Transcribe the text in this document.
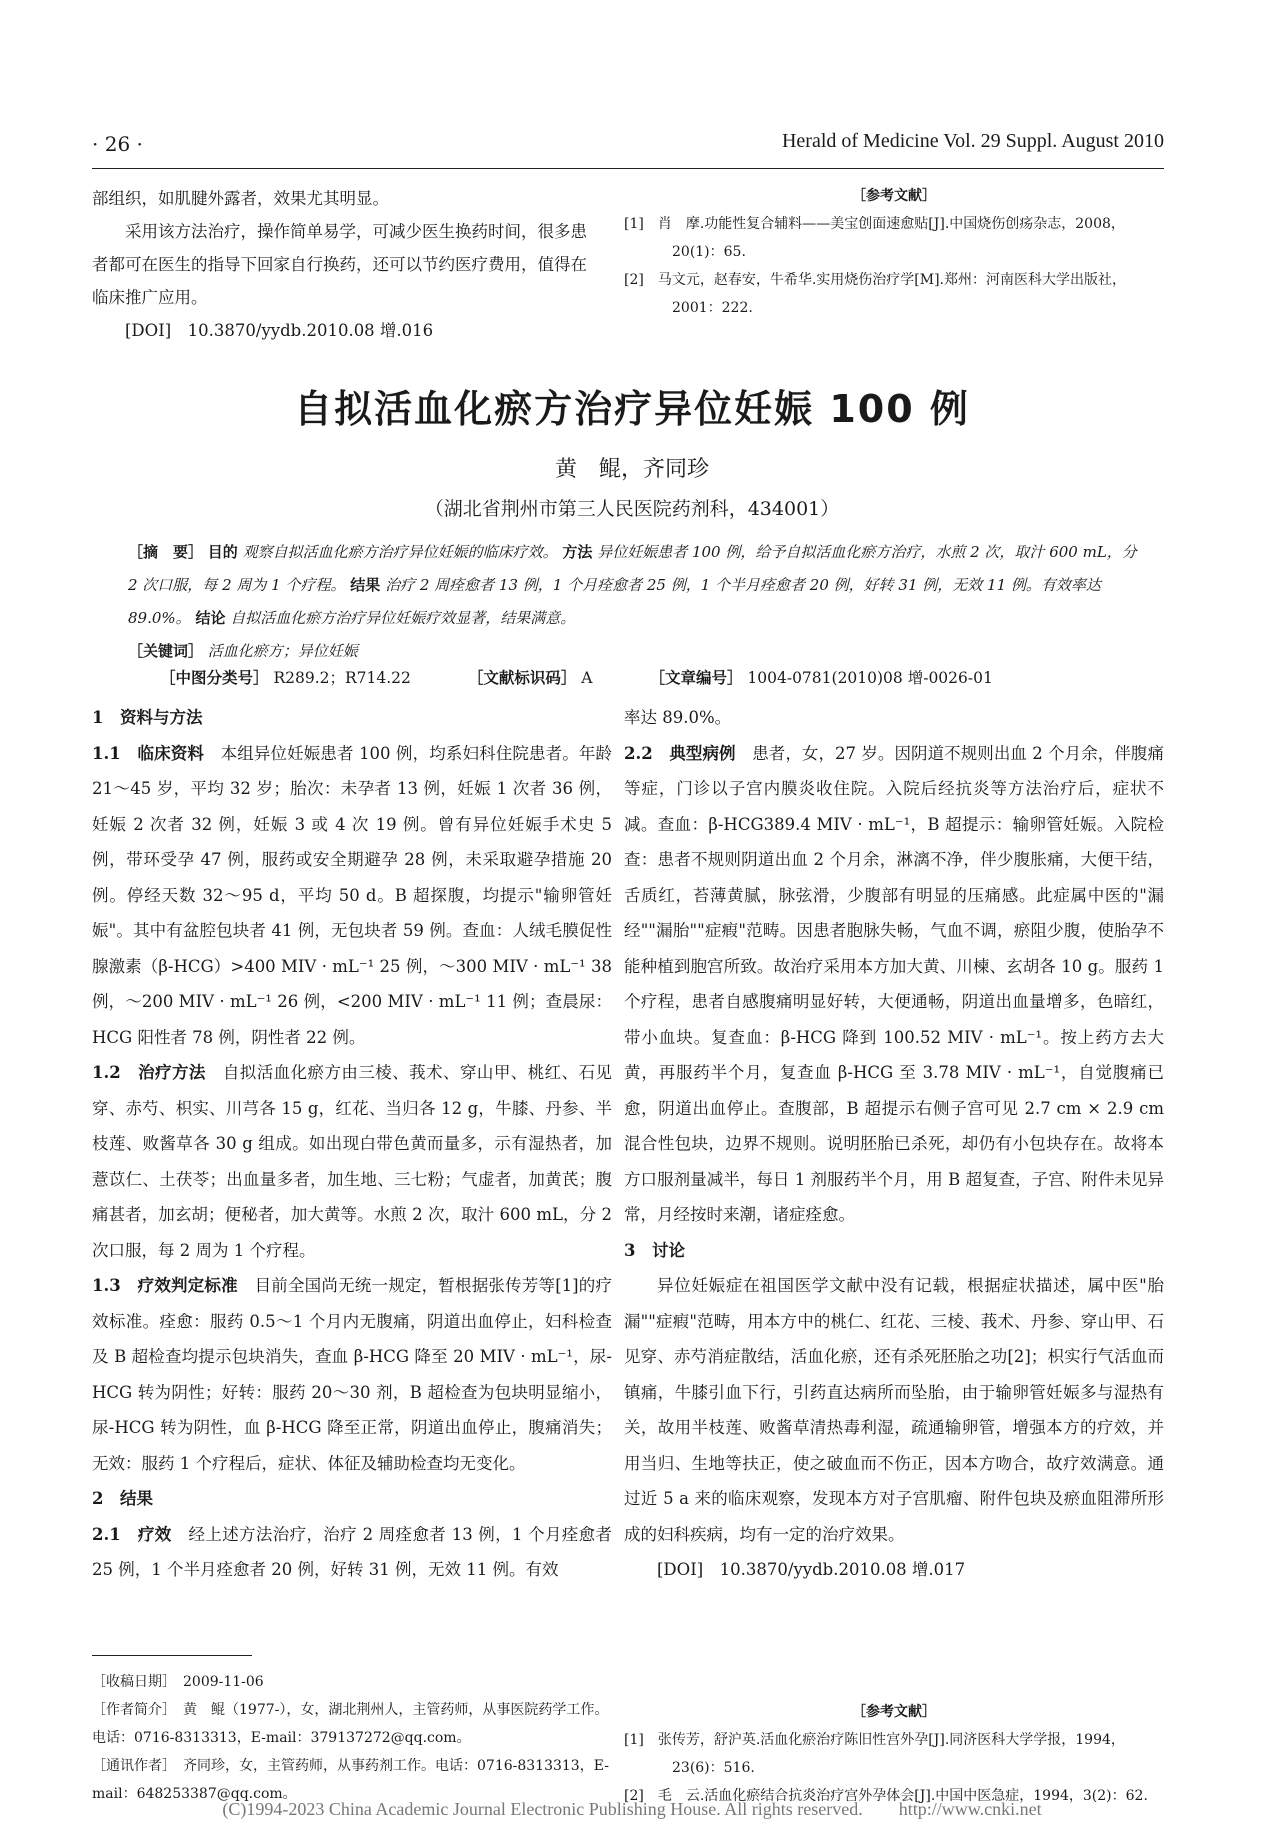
· 26 ·	Herald of Medicine Vol. 29 Suppl. August 2010

部组织，如肌腱外露者，效果尤其明显。

采用该方法治疗，操作简单易学，可减少医生换药时间，很多患者都可在医生的指导下回家自行换药，还可以节约医疗费用，值得在临床推广应用。

[DOI]　10.3870/yydb.2010.08 增.016

［参考文献］

[1]　肖　摩.功能性复合辅料——美宝创面速愈贴[J].中国烧伤创疡杂志，2008，20(1)：65.

[2]　马文元，赵春安，牛希华.实用烧伤治疗学[M].郑州：河南医科大学出版社，2001：222.

自拟活血化瘀方治疗异位妊娠 100 例
黄　鲲，齐同珍
（湖北省荆州市第三人民医院药剂科，434001）

［摘　要］ 目的 观察自拟活血化瘀方治疗异位妊娠的临床疗效。 方法 异位妊娠患者 100 例，给予自拟活血化瘀方治疗，水煎 2 次，取汁 600 mL，分 2 次口服，每 2 周为 1 个疗程。 结果 治疗 2 周痊愈者 13 例，1 个月痊愈者 25 例，1 个半月痊愈者 20 例，好转 31 例，无效 11 例。有效率达 89.0%。 结论 自拟活血化瘀方治疗异位妊娠疗效显著，结果满意。

［关键词］ 活血化瘀方；异位妊娠

［中图分类号］ R289.2；R714.22	［文献标识码］ A	［文章编号］ 1004-0781(2010)08 增-0026-01

1　资料与方法

1.1　临床资料　 本组异位妊娠患者 100 例，均系妇科住院患者。年龄 21～45 岁，平均 32 岁；胎次：未孕者 13 例，妊娠 1 次者 36 例，妊娠 2 次者 32 例，妊娠 3 或 4 次 19 例。曾有异位妊娠手术史 5 例，带环受孕 47 例，服药或安全期避孕 28 例，未采取避孕措施 20 例。停经天数 32～95 d，平均 50 d。B 超探腹，均提示"输卵管妊娠"。其中有盆腔包块者 41 例，无包块者 59 例。查血：人绒毛膜促性腺激素（β-HCG）>400 MIV · mL⁻¹ 25 例，～300 MIV · mL⁻¹ 38 例，～200 MIV · mL⁻¹ 26 例，<200 MIV · mL⁻¹ 11 例；查晨尿：HCG 阳性者 78 例，阴性者 22 例。

1.2　治疗方法　 自拟活血化瘀方由三棱、莪术、穿山甲、桃红、石见穿、赤芍、枳实、川芎各 15 g，红花、当归各 12 g，牛膝、丹参、半枝莲、败酱草各 30 g 组成。如出现白带色黄而量多，示有湿热者，加薏苡仁、土茯苓；出血量多者，加生地、三七粉；气虚者，加黄芪；腹痛甚者，加玄胡；便秘者，加大黄等。水煎 2 次，取汁 600 mL，分 2 次口服，每 2 周为 1 个疗程。

1.3　疗效判定标准　 目前全国尚无统一规定，暂根据张传芳等[1]的疗效标准。痊愈：服药 0.5～1 个月内无腹痛，阴道出血停止，妇科检查及 B 超检查均提示包块消失，查血 β-HCG 降至 20 MIV · mL⁻¹，尿-HCG 转为阴性；好转：服药 20～30 剂，B 超检查为包块明显缩小，尿-HCG 转为阴性，血 β-HCG 降至正常，阴道出血停止，腹痛消失；无效：服药 1 个疗程后，症状、体征及辅助检查均无变化。

2　结果

2.1　疗效　 经上述方法治疗，治疗 2 周痊愈者 13 例，1 个月痊愈者 25 例，1 个半月痊愈者 20 例，好转 31 例，无效 11 例。有效

率达 89.0%。

2.2　典型病例　 患者，女，27 岁。因阴道不规则出血 2 个月余，伴腹痛等症，门诊以子宫内膜炎收住院。入院后经抗炎等方法治疗后，症状不减。查血：β-HCG389.4 MIV · mL⁻¹，B 超提示：输卵管妊娠。入院检查：患者不规则阴道出血 2 个月余，淋漓不净，伴少腹胀痛，大便干结，舌质红，苔薄黄腻，脉弦滑，少腹部有明显的压痛感。此症属中医的"漏经""漏胎""症瘕"范畴。因患者胞脉失畅，气血不调，瘀阻少腹，使胎孕不能种植到胞宫所致。故治疗采用本方加大黄、川楝、玄胡各 10 g。服药 1 个疗程，患者自感腹痛明显好转，大便通畅，阴道出血量增多，色暗红，带小血块。复查血：β-HCG 降到 100.52 MIV · mL⁻¹。按上药方去大黄，再服药半个月，复查血 β-HCG 至 3.78 MIV · mL⁻¹，自觉腹痛已愈，阴道出血停止。查腹部，B 超提示右侧子宫可见 2.7 cm × 2.9 cm 混合性包块，边界不规则。说明胚胎已杀死，却仍有小包块存在。故将本方口服剂量减半，每日 1 剂服药半个月，用 B 超复查，子宫、附件未见异常，月经按时来潮，诸症痊愈。

3　讨论

异位妊娠症在祖国医学文献中没有记载，根据症状描述，属中医"胎漏""症瘕"范畴，用本方中的桃仁、红花、三棱、莪术、丹参、穿山甲、石见穿、赤芍消症散结，活血化瘀，还有杀死胚胎之功[2]；枳实行气活血而镇痛，牛膝引血下行，引药直达病所而坠胎，由于输卵管妊娠多与湿热有关，故用半枝莲、败酱草清热毒利湿，疏通输卵管，增强本方的疗效，并用当归、生地等扶正，使之破血而不伤正，因本方吻合，故疗效满意。通过近 5 a 来的临床观察，发现本方对子宫肌瘤、附件包块及瘀血阻滞所形成的妇科疾病，均有一定的治疗效果。

[DOI]　10.3870/yydb.2010.08 增.017

［参考文献］

[1]　张传芳，舒沪英.活血化瘀治疗陈旧性宫外孕[J].同济医科大学学报，1994，23(6)：516.

[2]　毛　云.活血化瘀结合抗炎治疗宫外孕体会[J].中国中医急症，1994，3(2)：62.

［收稿日期］　2009-11-06

［作者简介］　黄　鲲（1977-），女，湖北荆州人，主管药师，从事医院药学工作。电话：0716-8313313，E-mail：379137272@qq.com。

［通讯作者］　齐同珍，女，主管药师，从事药剂工作。电话：0716-8313313，E-mail：648253387@qq.com。

(C)1994-2023 China Academic Journal Electronic Publishing House. All rights reserved.　　http://www.cnki.net
